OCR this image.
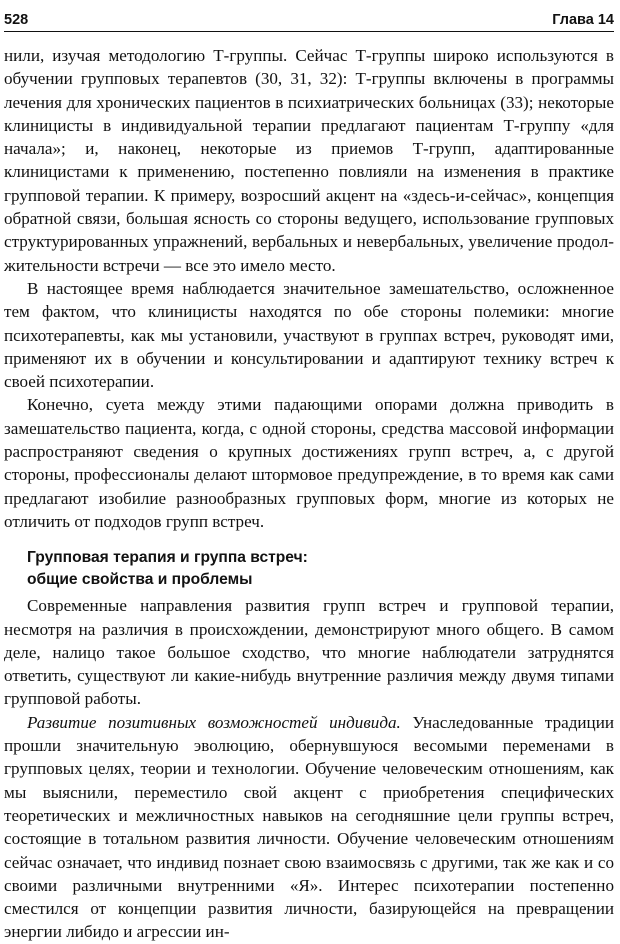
528	Глава 14

нили, изучая методологию Т-группы. Сейчас Т-группы широко используются в обучении групповых терапевтов (30, 31, 32): Т-группы включены в программы лечения для хронических пациентов в психиатрических больницах (33); некоторые клиницисты в индивидуальной терапии предлагают пациентам Т-группу «для начала»; и, наконец, некоторые из приемов Т-групп, адаптированные клиницистами к применению, постепенно повлияли на изменения в практике групповой терапии. К примеру, возросший акцент на «здесь-и-сейчас», концепция обратной связи, большая ясность со стороны ведущего, использование групповых структурированных упражнений, вербальных и невербальных, увеличение продолжительности встречи — все это имело место.

В настоящее время наблюдается значительное замешательство, осложненное тем фактом, что клиницисты находятся по обе стороны полемики: многие психотерапевты, как мы установили, участвуют в группах встреч, руководят ими, применяют их в обучении и консультировании и адаптируют технику встреч к своей психотерапии.

Конечно, суета между этими падающими опорами должна приводить в замешательство пациента, когда, с одной стороны, средства массовой информации распространяют сведения о крупных достижениях групп встреч, а, с другой стороны, профессионалы делают штормовое предупреждение, в то время как сами предлагают изобилие разнообразных групповых форм, многие из которых не отличить от подходов групп встреч.

Групповая терапия и группа встреч:
общие свойства и проблемы

Современные направления развития групп встреч и групповой терапии, несмотря на различия в происхождении, демонстрируют много общего. В самом деле, налицо такое большое сходство, что многие наблюдатели затруднятся ответить, существуют ли какие-нибудь внутренние различия между двумя типами групповой работы.

Развитие позитивных возможностей индивида. Унаследованные традиции прошли значительную эволюцию, обернувшуюся весомыми переменами в групповых целях, теории и технологии. Обучение человеческим отношениям, как мы выяснили, переместило свой акцент с приобретения специфических теоретических и межличностных навыков на сегодняшние цели группы встреч, состоящие в тотальном развития личности. Обучение человеческим отношениям сейчас означает, что индивид познает свою взаимосвязь с другими, так же как и со своими различными внутренними «Я». Интерес психотерапии постепенно сместился от концепции развития личности, базирующейся на превращении энергии либидо и агрессии ин-
